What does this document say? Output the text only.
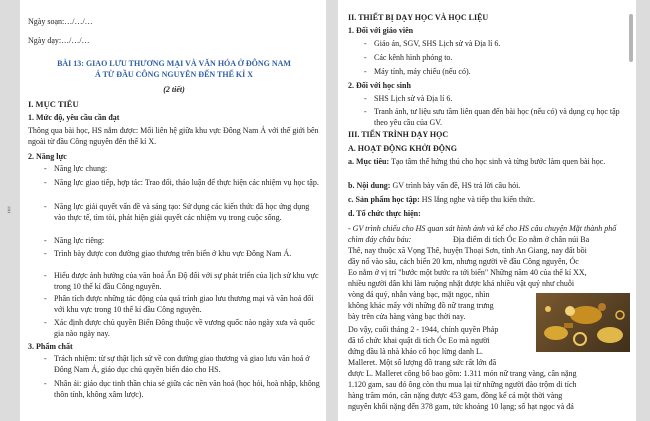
Ngày soạn:…/…/…

Ngày dạy:…/…/…

BÀI 13: GIAO LƯU THƯƠNG MẠI VÀ VĂN HÓA Ở ĐÔNG NAM

Á TỪ ĐẦU CÔNG NGUYÊN ĐẾN THẾ KỈ X

(2 tiết)

I. MỤC TIÊU

1. Mức độ, yêu cầu cần đạt

Thông qua bài học, HS nắm được: Mối liên hệ giữa khu vực Đông Nam Á với thế giới bên ngoài từ đầu Công nguyên đến thế kỉ X.

2. Năng lực

- Năng lực chung:

- Năng lực giao tiếp, hợp tác: Trao đổi, thảo luận để thực hiện các nhiệm vụ học tập.

- Năng lực giải quyết vấn đề và sáng tạo: Sử dụng các kiến thức đã học ứng dụng vào thực tế, tìm tòi, phát hiện giải quyết các nhiệm vụ trong cuộc sống.

- Năng lực riêng:

- Trình bày được con đường giao thương trên biển ở khu vực Đông Nam Á.

- Hiểu được ảnh hưởng của văn hoá Ấn Độ đối với sự phát triển của lịch sử khu vực trong 10 thế kỉ đầu Công nguyên.

- Phân tích được những tác động của quá trình giao lưu thương mại và văn hoá đối với khu vực trong 10 thế kỉ đầu Công nguyên.

- Xác định được chủ quyền Biển Đông thuộc về vương quốc nào ngày xưa và quốc gia nào ngày nay.

3. Phẩm chất

- Trách nhiệm: từ sự thật lịch sử về con đường giao thương và giao lưu văn hoá ở Đông Nam Á, giáo dục chủ quyền biển đảo cho HS.

- Nhân ái: giáo dục tinh thần chia sẻ giữa các nền văn hoá (học hỏi, hoà nhập, không thôn tính, không xâm lược).

⁞⁞

II. THIẾT BỊ DẠY HỌC VÀ HỌC LIỆU

1. Đối với giáo viên

- Giáo án, SGV, SHS Lịch sử và Địa lí 6.

- Các kênh hình phóng to.

- Máy tính, máy chiếu (nếu có).

2. Đối với học sinh

- SHS Lịch sử và Địa lí 6.

- Tranh ảnh, tư liệu sưu tầm liên quan đến bài học (nếu có) và dụng cụ học tập theo yêu cầu của GV.

III. TIẾN TRÌNH DẠY HỌC

A. HOẠT ĐỘNG KHỞI ĐỘNG

a. Mục tiêu: Tạo tâm thế hứng thú cho học sinh và từng bước làm quen bài học.

b. Nội dung: GV trình bày vấn đề, HS trả lời câu hỏi.

c. Sản phẩm học tập: HS lắng nghe và tiếp thu kiến thức.

d. Tổ chức thực hiện:

- GV trình chiếu cho HS quan sát hình ảnh và kể cho HS câu chuyện Mặt thành phố chìm đáy châu báu:	Địa điểm di tích Óc Eo nằm ở chân núi Ba

Thê, nay thuộc xã Vọng Thê, huyện Thoại Sơn, tỉnh An Giang, nay đất bồi

đầy nổ vào sâu, cách biển 20 km, nhưng người về đầu Công nguyên, Óc

Eo nằm ở vị trí "bước một bước ra tới biển" Những năm 40 của thế kỉ XX,

nhiều người dân khi làm ruộng nhặt được khá nhiều vật quý như chuỗi

vòng đá quý, nhẫn vàng bạc, mặt ngọc, nhìn

không khác mấy với những đồ nữ trang trưng

bày trên cửa hàng vàng bạc thời nay.

Do vậy, cuối tháng 2 - 1944, chính quyền Pháp

đã tổ chức khai quật di tích Óc Eo mà người

đứng đầu là nhà khảo cổ học lừng danh L.

Malleret. Một số lượng đồ trang sức rất lớn đã

được L. Malleret công bố bao gồm: 1.311 món nữ trang vàng, cân nặng

1.120 gam, sau đó ông còn thu mua lại từ những người đào trộm di tích

hàng trăm món, cân nặng được 453 gam, đồng kể cả một thời vàng

nguyên khối nặng đến 378 gam, tức khoảng 10 lạng; số hạt ngọc và đá
